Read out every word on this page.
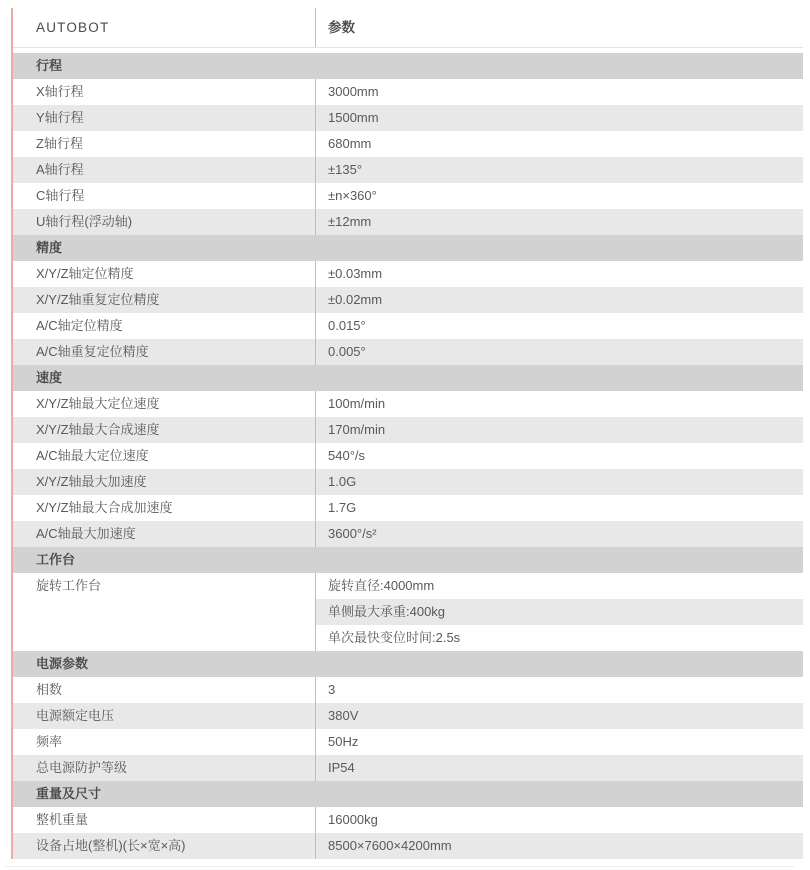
AUTOBOT	参数
行程
X轴行程	3000mm
Y轴行程	1500mm
Z轴行程	680mm
A轴行程	±135°
C轴行程	±n×360°
U轴行程(浮动轴)	±12mm
精度
X/Y/Z轴定位精度	±0.03mm
X/Y/Z轴重复定位精度	±0.02mm
A/C轴定位精度	0.015°
A/C轴重复定位精度	0.005°
速度
X/Y/Z轴最大定位速度	100m/min
X/Y/Z轴最大合成速度	170m/min
A/C轴最大定位速度	540°/s
X/Y/Z轴最大加速度	1.0G
X/Y/Z轴最大合成加速度	1.7G
A/C轴最大加速度	3600°/s²
工作台
旋转工作台	旋转直径:4000mm
单侧最大承重:400kg
单次最快变位时间:2.5s
电源参数
相数	3
电源额定电压	380V
频率	50Hz
总电源防护等级	IP54
重量及尺寸
整机重量	16000kg
设备占地(整机)(长×宽×高)	8500×7600×4200mm
